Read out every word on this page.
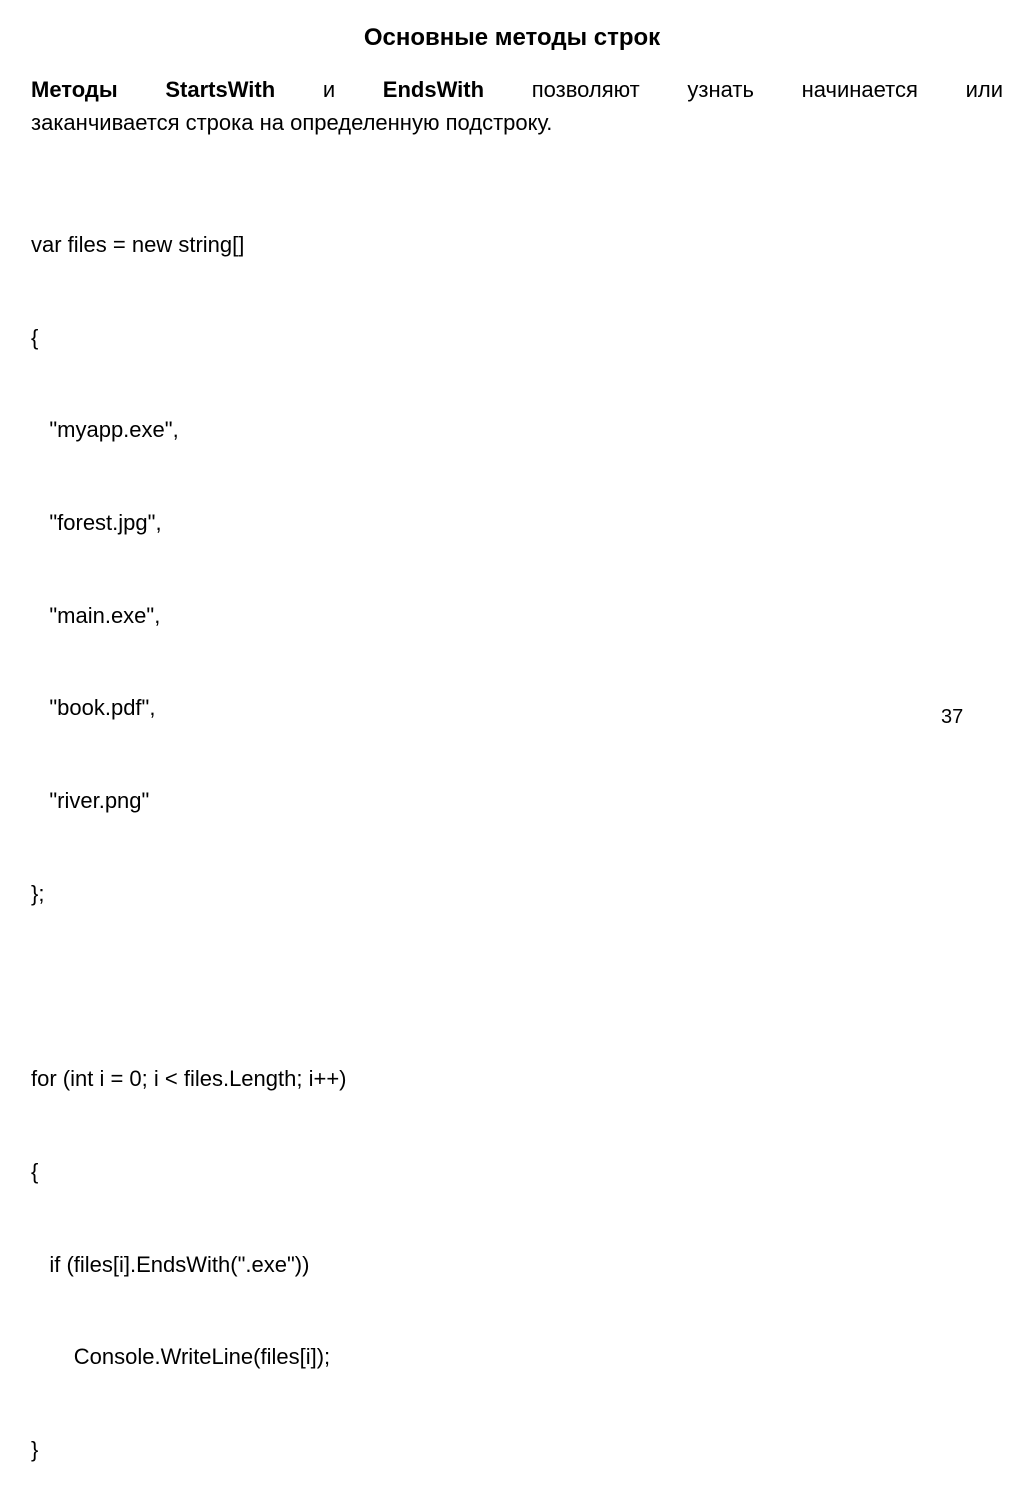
Основные методы строк
Методы StartsWith и EndsWith позволяют узнать начинается или
заканчивается строка на определенную подстроку.

var files = new string[]

{

"myapp.exe",

"forest.jpg",

"main.exe",

"book.pdf",

"river.png"

};

for (int i = 0; i < files.Length; i++)

{

if (files[i].EndsWith(".exe"))

Console.WriteLine(files[i]);

}

37
